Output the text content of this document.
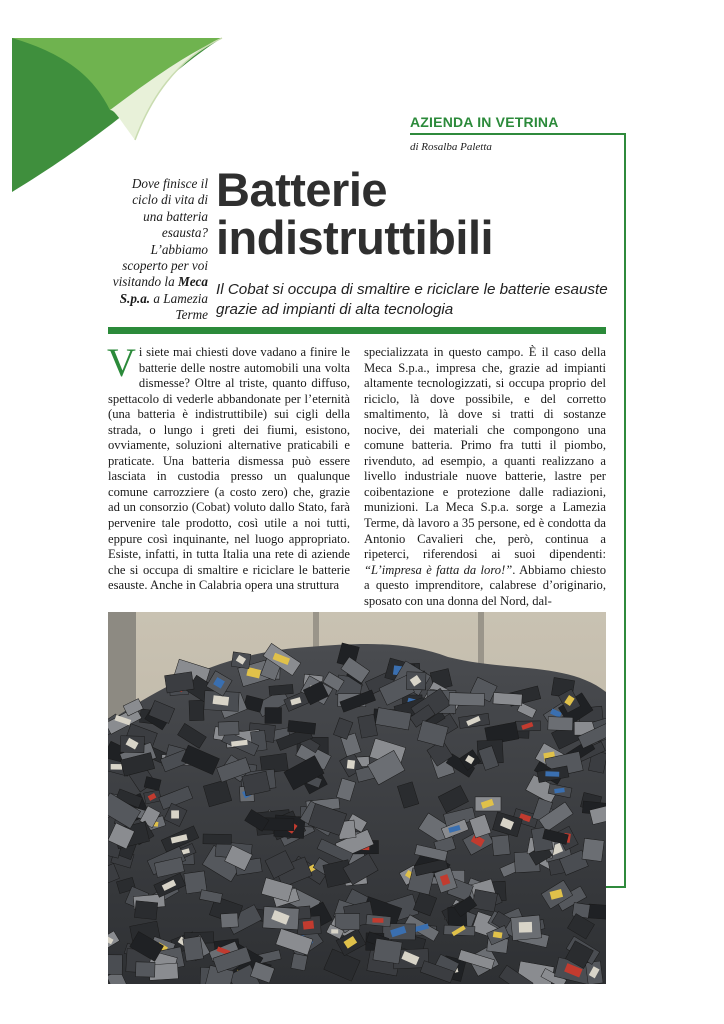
AZIENDA IN VETRINA
di Rosalba Paletta
Dove finisce il ciclo di vita di una batteria esausta? L’abbiamo scoperto per voi visitando la Meca S.p.a. a Lamezia Terme
Batterie
indistruttibili
Il Cobat si occupa di smaltire e riciclare le batterie esauste grazie ad impianti di alta tecnologia
Vi siete mai chiesti dove vadano a finire le batterie delle nostre automobili una volta dismesse? Oltre al triste, quanto diffuso, spettacolo di vederle abbandonate per l’eternità (una batteria è indistruttibile) sui cigli della strada, o lungo i greti dei fiumi, esistono, ovviamente, soluzioni alternative praticabili e praticate. Una batteria dismessa può essere lasciata in custodia presso un qualunque comune carrozziere (a costo zero) che, grazie ad un consorzio (Cobat) voluto dallo Stato, farà pervenire tale prodotto, così utile a noi tutti, eppure così inquinante, nel luogo appropriato. Esiste, infatti, in tutta Italia una rete di aziende che si occupa di smaltire e riciclare le batterie esauste. Anche in Calabria opera una struttura
specializzata in questo campo. È il caso della Meca S.p.a., impresa che, grazie ad impianti altamente tecnologizzati, si occupa proprio del riciclo, là dove possibile, e del corretto smaltimento, là dove si tratti di sostanze nocive, dei materiali che compongono una comune batteria. Primo fra tutti il piombo, rivenduto, ad esempio, a quanti realizzano a livello industriale nuove batterie, lastre per coibentazione e protezione dalle radiazioni, munizioni. La Meca S.p.a. sorge a Lamezia Terme, dà lavoro a 35 persone, ed è condotta da Antonio Cavalieri che, però, continua a ripeterci, riferendosi ai suoi dipendenti: “L’impresa è fatta da loro!”. Abbiamo chiesto a questo imprenditore, calabrese d’originario, sposato con una donna del Nord, dal-
